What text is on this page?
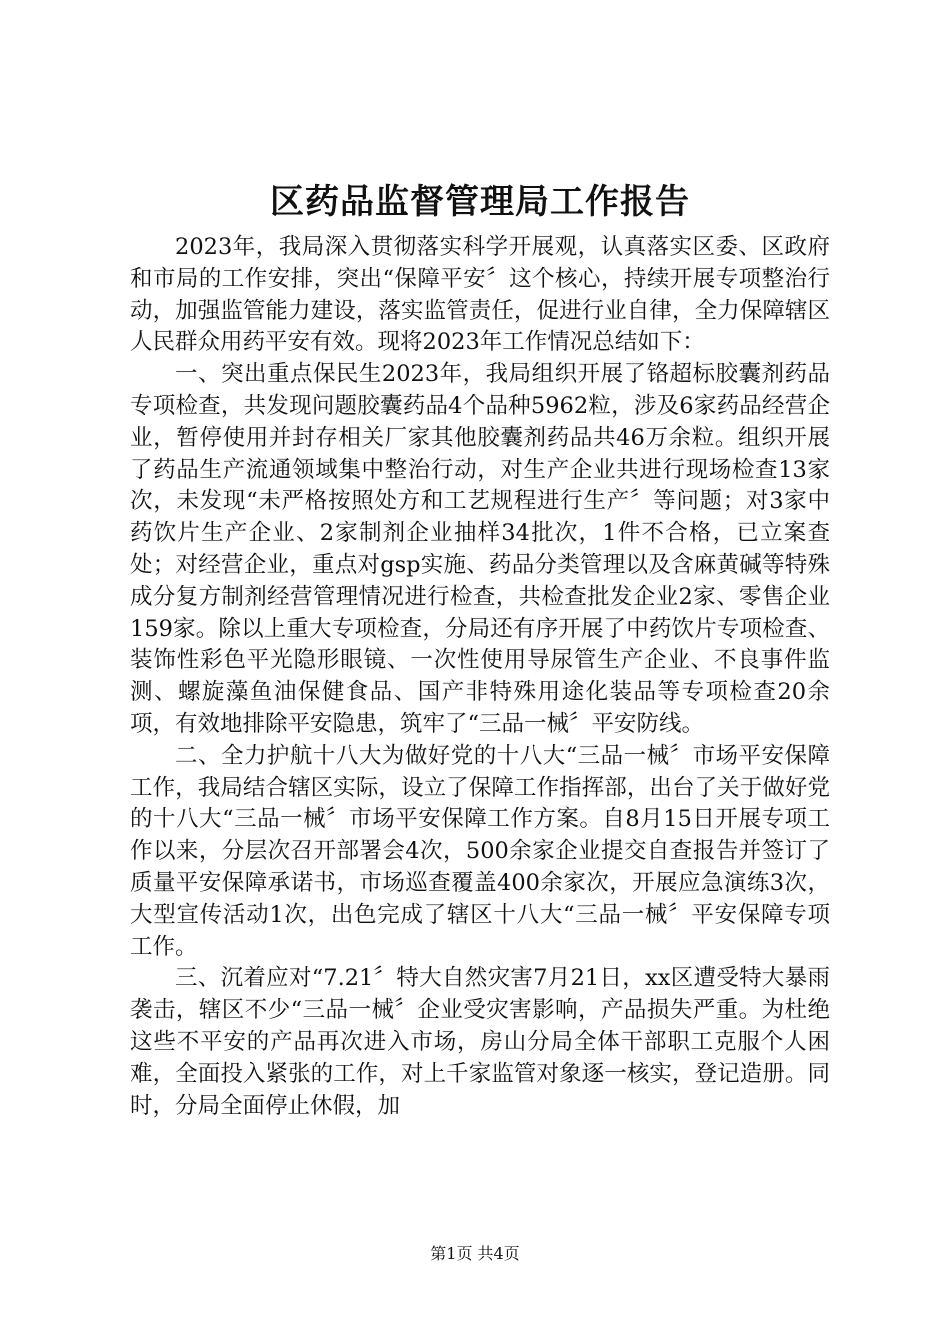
区药品监督管理局工作报告

2023年，我局深入贯彻落实科学开展观，认真落实区委、区政府和市局的工作安排，突出“保障平安〞这个核心，持续开展专项整治行动，加强监管能力建设，落实监管责任，促进行业自律，全力保障辖区人民群众用药平安有效。现将2023年工作情况总结如下：

一、突出重点保民生2023年，我局组织开展了铬超标胶囊剂药品专项检查，共发现问题胶囊药品4个品种5962粒，涉及6家药品经营企业，暂停使用并封存相关厂家其他胶囊剂药品共46万余粒。组织开展了药品生产流通领域集中整治行动，对生产企业共进行现场检查13家次，未发现“未严格按照处方和工艺规程进行生产〞等问题；对3家中药饮片生产企业、2家制剂企业抽样34批次，1件不合格，已立案查处；对经营企业，重点对gsp实施、药品分类管理以及含麻黄碱等特殊成分复方制剂经营管理情况进行检查，共检查批发企业2家、零售企业159家。除以上重大专项检查，分局还有序开展了中药饮片专项检查、装饰性彩色平光隐形眼镜、一次性使用导尿管生产企业、不良事件监测、螺旋藻鱼油保健食品、国产非特殊用途化装品等专项检查20余项，有效地排除平安隐患，筑牢了“三品一械〞平安防线。

二、全力护航十八大为做好党的十八大“三品一械〞市场平安保障工作，我局结合辖区实际，设立了保障工作指挥部，出台了关于做好党的十八大“三品一械〞市场平安保障工作方案。自8月15日开展专项工作以来，分层次召开部署会4次，500余家企业提交自查报告并签订了质量平安保障承诺书，市场巡查覆盖400余家次，开展应急演练3次，大型宣传活动1次，出色完成了辖区十八大“三品一械〞平安保障专项工作。

三、沉着应对“7.21〞特大自然灾害7月21日，xx区遭受特大暴雨袭击，辖区不少“三品一械〞企业受灾害影响，产品损失严重。为杜绝这些不平安的产品再次进入市场，房山分局全体干部职工克服个人困难，全面投入紧张的工作，对上千家监管对象逐一核实，登记造册。同时，分局全面停止休假，加

第1页 共4页
